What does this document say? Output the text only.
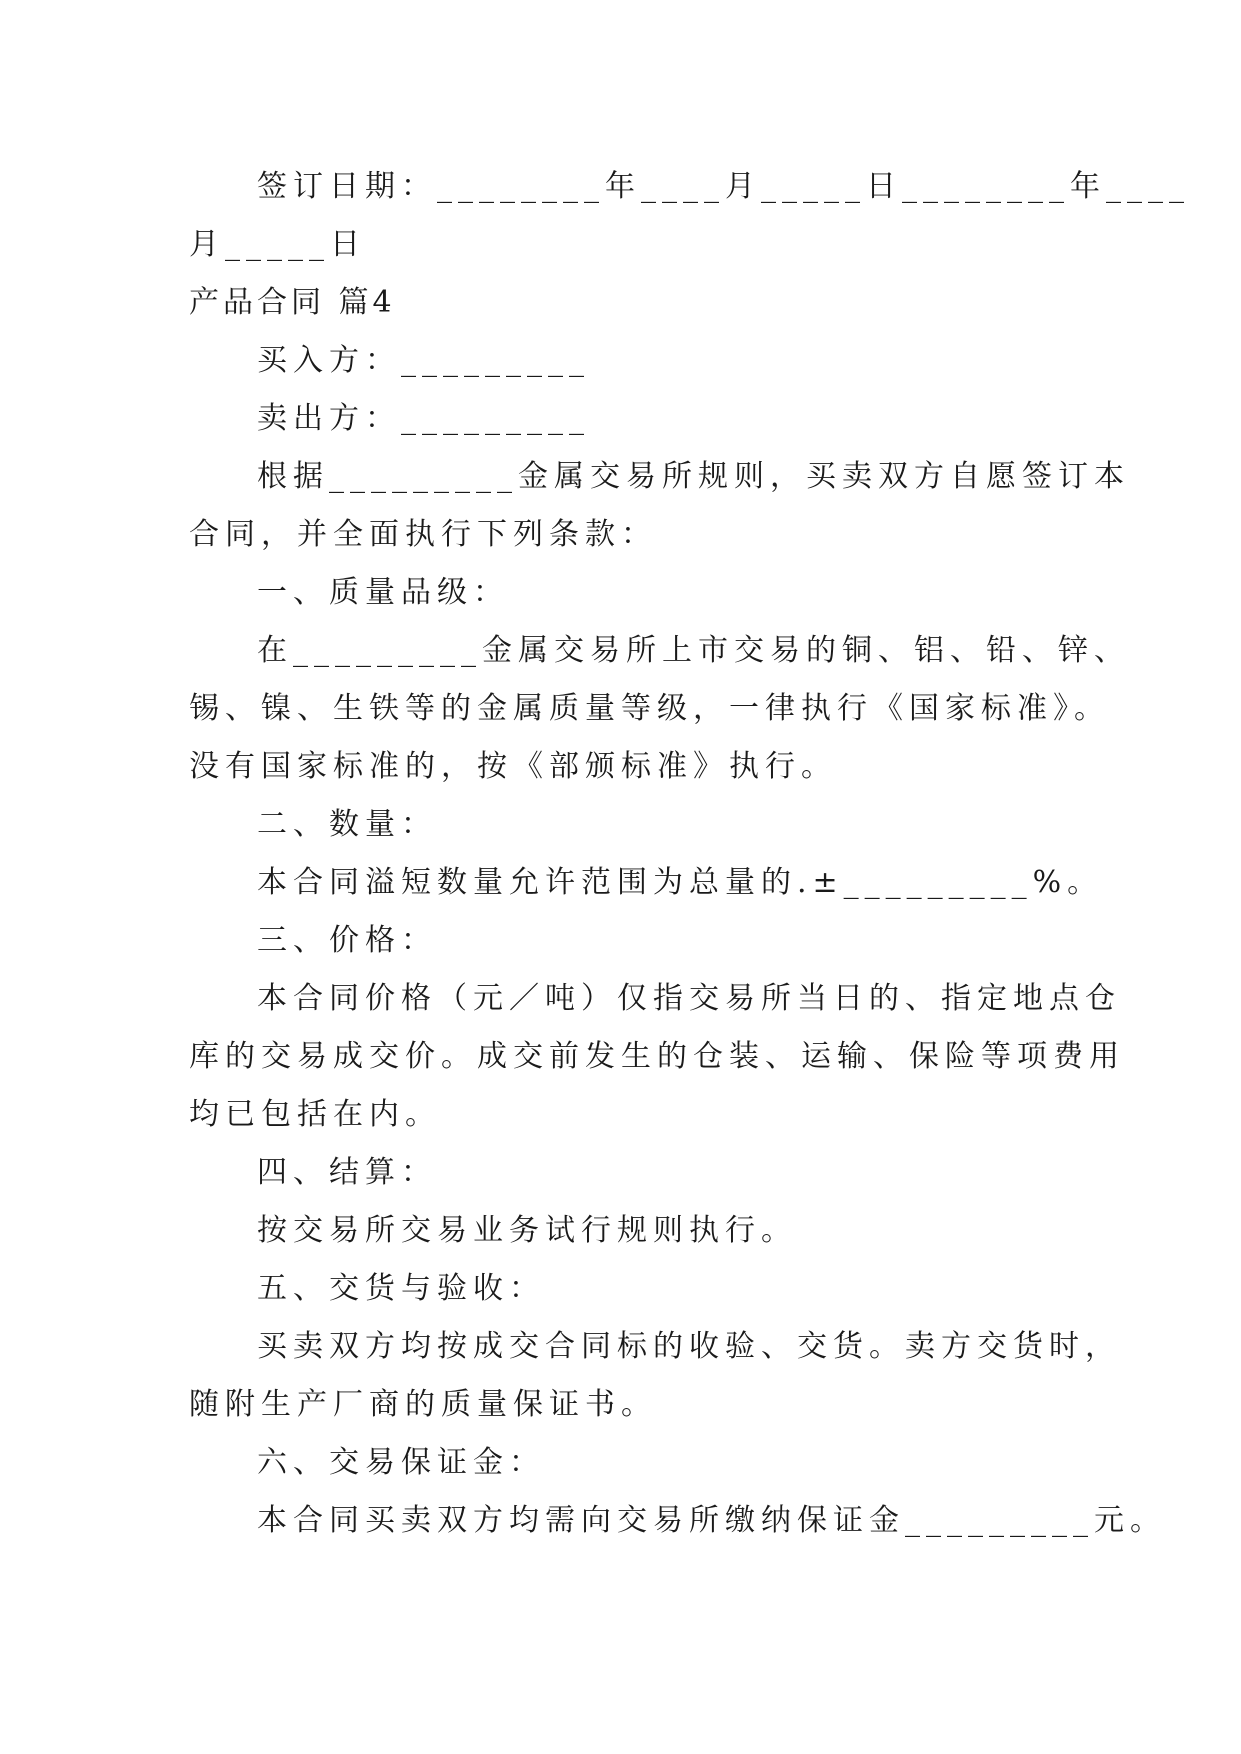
签订日期：________年____月_____日________年____
月_____日
产品合同 篇4
买入方：_________
卖出方：_________
根据_________金属交易所规则，买卖双方自愿签订本
合同，并全面执行下列条款：
一、质量品级：
在_________金属交易所上市交易的铜、铝、铅、锌、
锡、镍、生铁等的金属质量等级，一律执行《国家标准》。
没有国家标准的，按《部颁标准》执行。
二、数量：
本合同溢短数量允许范围为总量的.±_________%。
三、价格：
本合同价格（元／吨）仅指交易所当日的、指定地点仓
库的交易成交价。成交前发生的仓装、运输、保险等项费用
均已包括在内。
四、结算：
按交易所交易业务试行规则执行。
五、交货与验收：
买卖双方均按成交合同标的收验、交货。卖方交货时，
随附生产厂商的质量保证书。
六、交易保证金：
本合同买卖双方均需向交易所缴纳保证金_________元。
